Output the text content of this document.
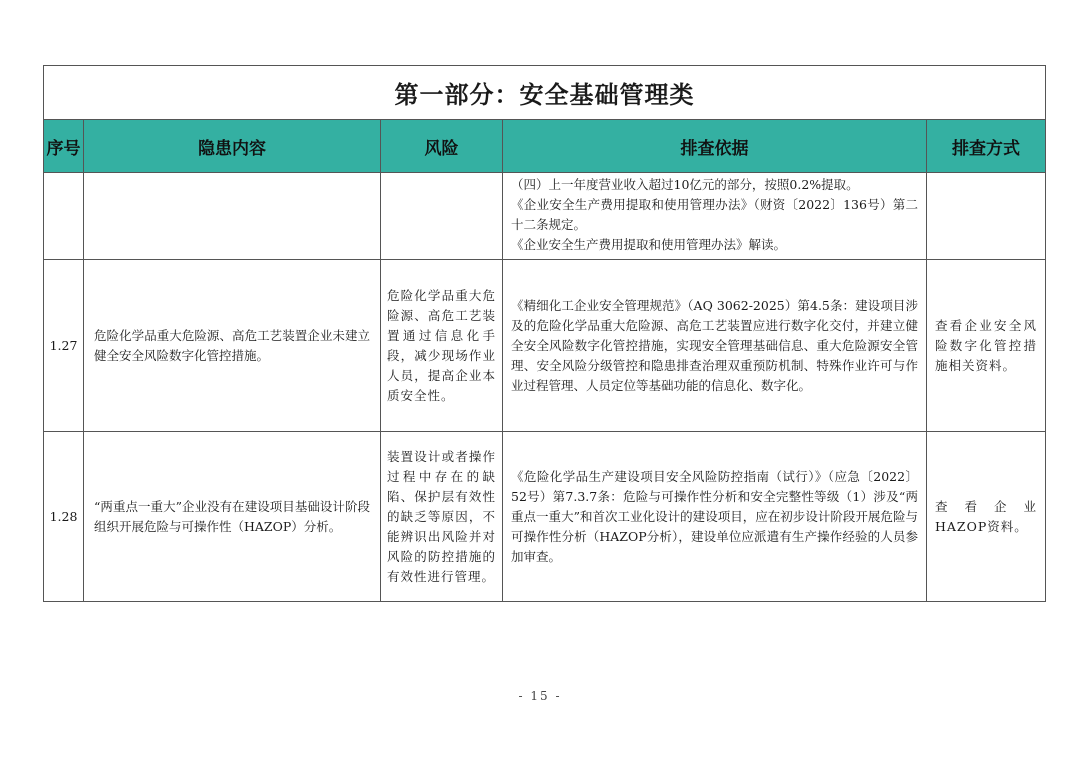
第一部分：安全基础管理类				
序号	隐患内容	风险	排查依据	排查方式

			（四）上一年度营业收入超过10亿元的部分，按照0.2%提取。
《企业安全生产费用提取和使用管理办法》（财资〔2022〕136号）第二十二条规定。
《企业安全生产费用提取和使用管理办法》解读。	

1.27	危险化学品重大危险源、高危工艺装置企业未建立健全安全风险数字化管控措施。	危险化学品重大危险源、高危工艺装置通过信息化手段，减少现场作业人员，提高企业本质安全性。	《精细化工企业安全管理规范》（AQ 3062-2025）第4.5条：建设项目涉及的危险化学品重大危险源、高危工艺装置应进行数字化交付，并建立健全安全风险数字化管控措施，实现安全管理基础信息、重大危险源安全管理、安全风险分级管控和隐患排查治理双重预防机制、特殊作业许可与作业过程管理、人员定位等基础功能的信息化、数字化。	查看企业安全风险数字化管控措施相关资料。
1.28	“两重点一重大”企业没有在建设项目基础设计阶段组织开展危险与可操作性（HAZOP）分析。	装置设计或者操作过程中存在的缺陷、保护层有效性的缺乏等原因，不能辨识出风险并对风险的防控措施的有效性进行管理。	《危险化学品生产建设项目安全风险防控指南（试行）》（应急〔2022〕52号）第7.3.7条：危险与可操作性分析和安全完整性等级（1）涉及“两重点一重大”和首次工业化设计的建设项目，应在初步设计阶段开展危险与可操作性分析（HAZOP分析），建设单位应派遣有生产操作经验的人员参加审查。	查看企业HAZOP资料。
- 15 -
